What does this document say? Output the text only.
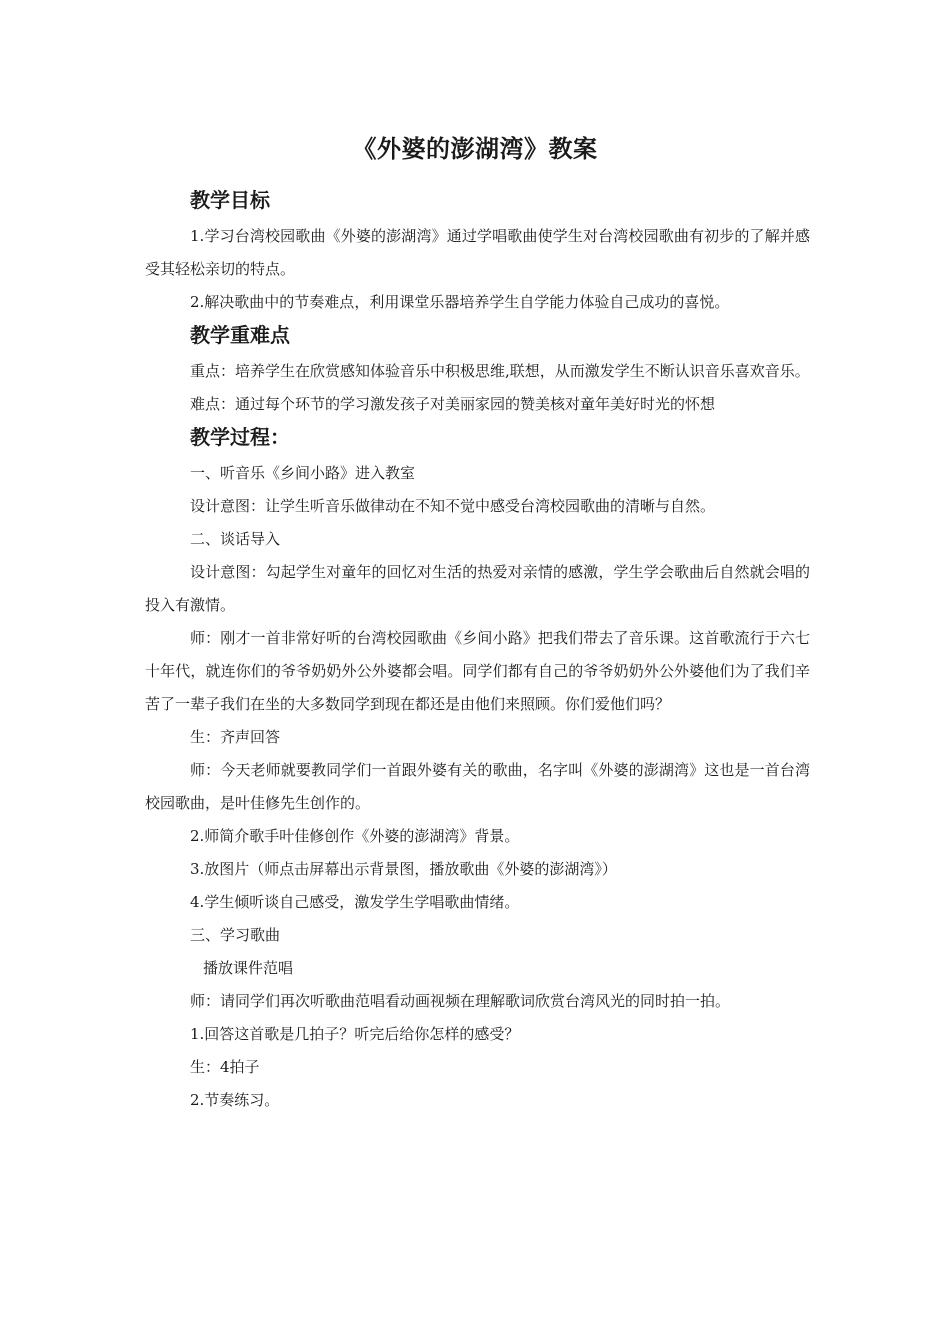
《外婆的澎湖湾》教案
教学目标

1.学习台湾校园歌曲《外婆的澎湖湾》通过学唱歌曲使学生对台湾校园歌曲有初步的了解并感受其轻松亲切的特点。

2.解决歌曲中的节奏难点，利用课堂乐器培养学生自学能力体验自己成功的喜悦。

教学重难点

重点：培养学生在欣赏感知体验音乐中积极思维,联想，从而激发学生不断认识音乐喜欢音乐。

难点：通过每个环节的学习激发孩子对美丽家园的赞美核对童年美好时光的怀想

教学过程：

一、听音乐《乡间小路》进入教室

设计意图：让学生听音乐做律动在不知不觉中感受台湾校园歌曲的清晰与自然。

二、谈话导入

设计意图：勾起学生对童年的回忆对生活的热爱对亲情的感激，学生学会歌曲后自然就会唱的投入有激情。

师：刚才一首非常好听的台湾校园歌曲《乡间小路》把我们带去了音乐课。这首歌流行于六七十年代，就连你们的爷爷奶奶外公外婆都会唱。同学们都有自己的爷爷奶奶外公外婆他们为了我们辛苦了一辈子我们在坐的大多数同学到现在都还是由他们来照顾。你们爱他们吗？

生：齐声回答

师：今天老师就要教同学们一首跟外婆有关的歌曲，名字叫《外婆的澎湖湾》这也是一首台湾校园歌曲，是叶佳修先生创作的。

2.师简介歌手叶佳修创作《外婆的澎湖湾》背景。

3.放图片（师点击屏幕出示背景图，播放歌曲《外婆的澎湖湾》）

4.学生倾听谈自己感受，激发学生学唱歌曲情绪。

三、学习歌曲

播放课件范唱

师：请同学们再次听歌曲范唱看动画视频在理解歌词欣赏台湾风光的同时拍一拍。

1.回答这首歌是几拍子？听完后给你怎样的感受？

生：4拍子

2.节奏练习。
